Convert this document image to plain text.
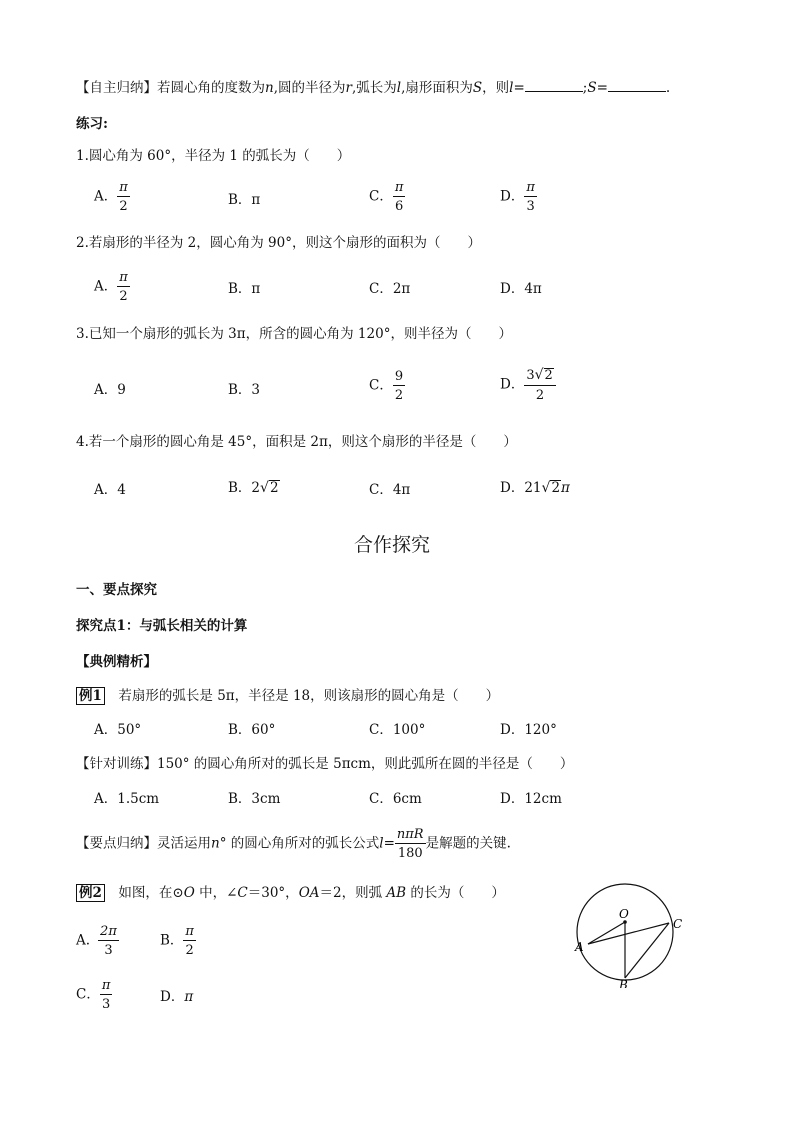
【自主归纳】若圆心角的度数为n,圆的半径为r,弧长为l,扇形面积为S，则l=	;S=	.
练习:
1.圆心角为 60°，半径为 1 的弧长为（　　）
A． $\frac{\pi}{2}$	B．π	C． $\frac{\pi}{6}$	D． $\frac{\pi}{3}$
2.若扇形的半径为 2，圆心角为 90°，则这个扇形的面积为（　　）
A． $\frac{\pi}{2}$	B．π	C．2π	D．4π
3.已知一个扇形的弧长为 3π，所含的圆心角为 120°，则半径为（　　）
A．9	B．3	C． $\frac{9}{2}$	D． $\frac{3√2}{2}$
4.若一个扇形的圆心角是 45°，面积是 2π，则这个扇形的半径是（　　）
A．4	B．2√2	C．4π	D．21√2π
合作探究
一、要点探究
探究点1：与弧长相关的计算
【典例精析】
例1　若扇形的弧长是 5π，半径是 18，则该扇形的圆心角是（　　）
A．50°	B．60°	C．100°	D．120°
【针对训练】150° 的圆心角所对的弧长是 5πcm，则此弧所在圆的半径是（　　）
A．1.5cm	B．3cm	C．6cm	D．12cm
【要点归纳】灵活运用n° 的圆心角所对的弧长公式$l= \frac{\text{nπR}}{180}$ 是解题的关键.
例2　如图，在⊙O 中，∠C＝30°，OA＝2，则弧 AB 的长为（　　）
A. $\frac{2\pi}{3}$	B． $\frac{\pi}{2}$
C． $\frac{\pi}{3}$	D．π
O
A
B
C
